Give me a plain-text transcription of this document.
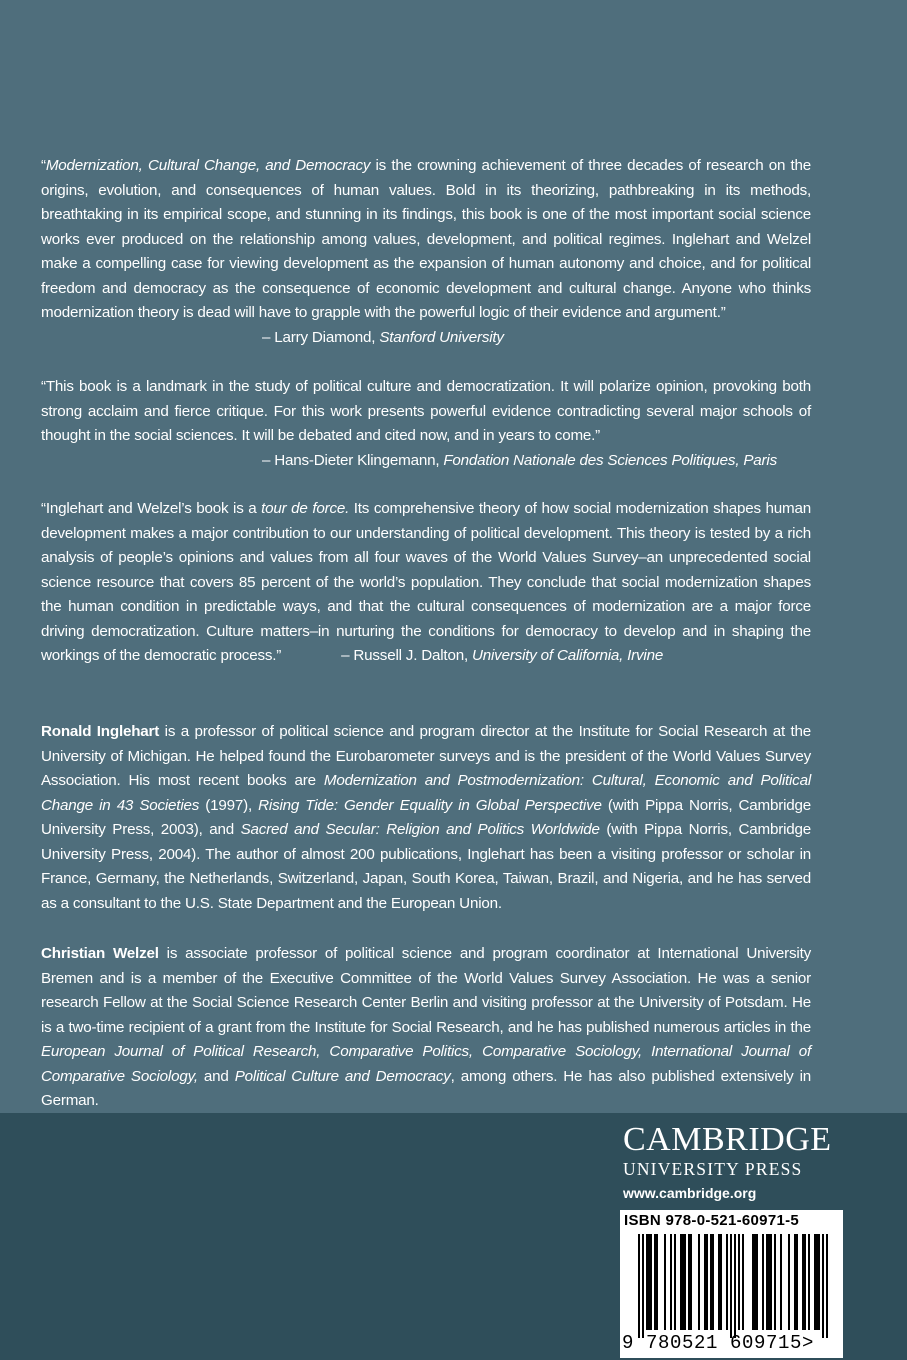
“Modernization, Cultural Change, and Democracy is the crowning achievement of three decades of research on the origins, evolution, and consequences of human values. Bold in its theorizing, pathbreaking in its methods, breathtaking in its empirical scope, and stunning in its findings, this book is one of the most important social science works ever produced on the relationship among values, development, and political regimes. Inglehart and Welzel make a compelling case for viewing development as the expansion of human autonomy and choice, and for political freedom and democracy as the consequence of economic development and cultural change. Anyone who thinks modernization theory is dead will have to grapple with the powerful logic of their evidence and argument.”
– Larry Diamond, Stanford University
“This book is a landmark in the study of political culture and democratization. It will polarize opinion, provoking both strong acclaim and fierce critique. For this work presents powerful evidence contradicting several major schools of thought in the social sciences. It will be debated and cited now, and in years to come.”
– Hans-Dieter Klingemann, Fondation Nationale des Sciences Politiques, Paris
“Inglehart and Welzel’s book is a tour de force. Its comprehensive theory of how social modernization shapes human development makes a major contribution to our understanding of political development. This theory is tested by a rich analysis of people’s opinions and values from all four waves of the World Values Survey–an unprecedented social science resource that covers 85 percent of the world’s population. They conclude that social modernization shapes the human condition in predictable ways, and that the cultural consequences of modernization are a major force driving democratization. Culture matters–in nurturing the conditions for democracy to develop and in shaping the workings of the democratic process.”	– Russell J. Dalton, University of California, Irvine
Ronald Inglehart is a professor of political science and program director at the Institute for Social Research at the University of Michigan. He helped found the Eurobarometer surveys and is the president of the World Values Survey Association. His most recent books are Modernization and Postmodernization: Cultural, Economic and Political Change in 43 Societies (1997), Rising Tide: Gender Equality in Global Perspective (with Pippa Norris, Cambridge University Press, 2003), and Sacred and Secular: Religion and Politics Worldwide (with Pippa Norris, Cambridge University Press, 2004). The author of almost 200 publications, Inglehart has been a visiting professor or scholar in France, Germany, the Netherlands, Switzerland, Japan, South Korea, Taiwan, Brazil, and Nigeria, and he has served as a consultant to the U.S. State Department and the European Union.
Christian Welzel is associate professor of political science and program coordinator at International University Bremen and is a member of the Executive Committee of the World Values Survey Association. He was a senior research Fellow at the Social Science Research Center Berlin and visiting professor at the University of Potsdam. He is a two-time recipient of a grant from the Institute for Social Research, and he has published numerous articles in the European Journal of Political Research, Comparative Politics, Comparative Sociology, International Journal of Comparative Sociology, and Political Culture and Democracy, among others. He has also published extensively in German.
CAMBRIDGE
UNIVERSITY PRESS
www.cambridge.org
ISBN 978-0-521-60971-5
9 780521 609715>
